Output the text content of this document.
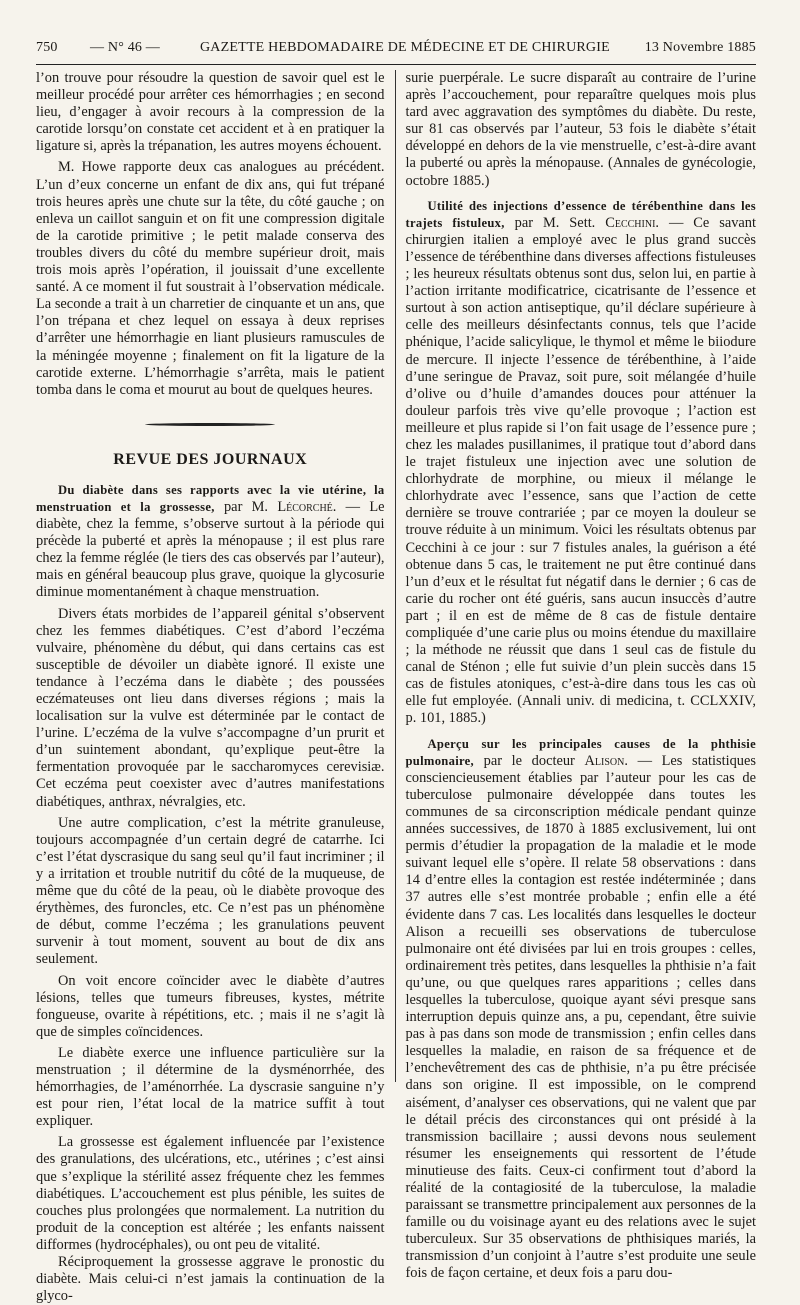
750 — N° 46 —	GAZETTE HEBDOMADAIRE DE MÉDECINE ET DE CHIRURGIE 13 Novembre 1885

l’on trouve pour résoudre la question de savoir quel est le meilleur procédé pour arrêter ces hémorrhagies ; en second lieu, d’engager à avoir recours à la compression de la carotide lorsqu’on constate cet accident et à en pratiquer la ligature si, après la trépanation, les autres moyens échouent.

M. Howe rapporte deux cas analogues au précédent. L’un d’eux concerne un enfant de dix ans, qui fut trépané trois heures après une chute sur la tête, du côté gauche ; on enleva un caillot sanguin et on fit une compression digitale de la carotide primitive ; le petit malade conserva des troubles divers du côté du membre supérieur droit, mais trois mois après l’opération, il jouissait d’une excellente santé. A ce moment il fut soustrait à l’observation médicale. La seconde a trait à un charretier de cinquante et un ans, que l’on trépana et chez lequel on essaya à deux reprises d’arrêter une hémorrhagie en liant plusieurs ramuscules de la méningée moyenne ; finalement on fit la ligature de la carotide externe. L’hémorrhagie s’arrêta, mais le patient tomba dans le coma et mourut au bout de quelques heures.

REVUE DES JOURNAUX

Du diabète dans ses rapports avec la vie utérine, la menstruation et la grossesse, par M. Lécorché. — Le diabète, chez la femme, s’observe surtout à la période qui précède la puberté et après la ménopause ; il est plus rare chez la femme réglée (le tiers des cas observés par l’auteur), mais en général beaucoup plus grave, quoique la glycosurie diminue momentanément à chaque menstruation.

Divers états morbides de l’appareil génital s’observent chez les femmes diabétiques. C’est d’abord l’eczéma vulvaire, phénomène du début, qui dans certains cas est susceptible de dévoiler un diabète ignoré. Il existe une tendance à l’eczéma dans le diabète ; des poussées eczémateuses ont lieu dans diverses régions ; mais la localisation sur la vulve est déterminée par le contact de l’urine. L’eczéma de la vulve s’accompagne d’un prurit et d’un suintement abondant, qu’explique peut-être la fermentation provoquée par le saccharomyces cerevisiæ. Cet eczéma peut coexister avec d’autres manifestations diabétiques, anthrax, névralgies, etc.

Une autre complication, c’est la métrite granuleuse, toujours accompagnée d’un certain degré de catarrhe. Ici c’est l’état dyscrasique du sang seul qu’il faut incriminer ; il y a irritation et trouble nutritif du côté de la muqueuse, de même que du côté de la peau, où le diabète provoque des érythèmes, des furoncles, etc. Ce n’est pas un phénomène de début, comme l’eczéma ; les granulations peuvent survenir à tout moment, souvent au bout de dix ans seulement.

On voit encore coïncider avec le diabète d’autres lésions, telles que tumeurs fibreuses, kystes, métrite fongueuse, ovarite à répétitions, etc. ; mais il ne s’agit là que de simples coïncidences.

Le diabète exerce une influence particulière sur la menstruation ; il détermine de la dysménorrhée, des hémorrhagies, de l’aménorrhée. La dyscrasie sanguine n’y est pour rien, l’état local de la matrice suffit à tout expliquer.

La grossesse est également influencée par l’existence des granulations, des ulcérations, etc., utérines ; c’est ainsi que s’explique la stérilité assez fréquente chez les femmes diabétiques. L’accouchement est plus pénible, les suites de couches plus prolongées que normalement. La nutrition du produit de la conception est altérée ; les enfants naissent difformes (hydrocéphales), ou ont peu de vitalité.

Réciproquement la grossesse aggrave le pronostic du diabète. Mais celui-ci n’est jamais la continuation de la glyco-

surie puerpérale. Le sucre disparaît au contraire de l’urine après l’accouchement, pour reparaître quelques mois plus tard avec aggravation des symptômes du diabète. Du reste, sur 81 cas observés par l’auteur, 53 fois le diabète s’était développé en dehors de la vie menstruelle, c’est-à-dire avant la puberté ou après la ménopause. (Annales de gynécologie, octobre 1885.)

Utilité des injections d’essence de térébenthine dans les trajets fistuleux, par M. Sett. Cecchini. — Ce savant chirurgien italien a employé avec le plus grand succès l’essence de térébenthine dans diverses affections fistuleuses ; les heureux résultats obtenus sont dus, selon lui, en partie à l’action irritante modificatrice, cicatrisante de l’essence et surtout à son action antiseptique, qu’il déclare supérieure à celle des meilleurs désinfectants connus, tels que l’acide phénique, l’acide salicylique, le thymol et même le biiodure de mercure. Il injecte l’essence de térébenthine, à l’aide d’une seringue de Pravaz, soit pure, soit mélangée d’huile d’olive ou d’huile d’amandes douces pour atténuer la douleur parfois très vive qu’elle provoque ; l’action est meilleure et plus rapide si l’on fait usage de l’essence pure ; chez les malades pusillanimes, il pratique tout d’abord dans le trajet fistuleux une injection avec une solution de chlorhydrate de morphine, ou mieux il mélange le chlorhydrate avec l’essence, sans que l’action de cette dernière se trouve contrariée ; par ce moyen la douleur se trouve réduite à un minimum. Voici les résultats obtenus par Cecchini à ce jour : sur 7 fistules anales, la guérison a été obtenue dans 5 cas, le traitement ne put être continué dans l’un d’eux et le résultat fut négatif dans le dernier ; 6 cas de carie du rocher ont été guéris, sans aucun insuccès d’autre part ; il en est de même de 8 cas de fistule dentaire compliquée d’une carie plus ou moins étendue du maxillaire ; la méthode ne réussit que dans 1 seul cas de fistule du canal de Sténon ; elle fut suivie d’un plein succès dans 15 cas de fistules atoniques, c’est-à-dire dans tous les cas où elle fut employée. (Annali univ. di medicina, t. CCLXXIV, p. 101, 1885.)

Aperçu sur les principales causes de la phthisie pulmonaire, par le docteur Alison. — Les statistiques consciencieusement établies par l’auteur pour les cas de tuberculose pulmonaire développée dans toutes les communes de sa circonscription médicale pendant quinze années successives, de 1870 à 1885 exclusivement, lui ont permis d’étudier la propagation de la maladie et le mode suivant lequel elle s’opère. Il relate 58 observations : dans 14 d’entre elles la contagion est restée indéterminée ; dans 37 autres elle s’est montrée probable ; enfin elle a été évidente dans 7 cas. Les localités dans lesquelles le docteur Alison a recueilli ses observations de tuberculose pulmonaire ont été divisées par lui en trois groupes : celles, ordinairement très petites, dans lesquelles la phthisie n’a fait qu’une, ou que quelques rares apparitions ; celles dans lesquelles la tuberculose, quoique ayant sévi presque sans interruption depuis quinze ans, a pu, cependant, être suivie pas à pas dans son mode de transmission ; enfin celles dans lesquelles la maladie, en raison de sa fréquence et de l’enchevêtrement des cas de phthisie, n’a pu être précisée dans son origine. Il est impossible, on le comprend aisément, d’analyser ces observations, qui ne valent que par le détail précis des circonstances qui ont présidé à la transmission bacillaire ; aussi devons nous seulement résumer les enseignements qui ressortent de l’étude minutieuse des faits. Ceux-ci confirment tout d’abord la réalité de la contagiosité de la tuberculose, la maladie paraissant se transmettre principalement aux personnes de la famille ou du voisinage ayant eu des relations avec le sujet tuberculeux. Sur 35 observations de phthisiques mariés, la transmission d’un conjoint à l’autre s’est produite une seule fois de façon certaine, et deux fois a paru dou-
